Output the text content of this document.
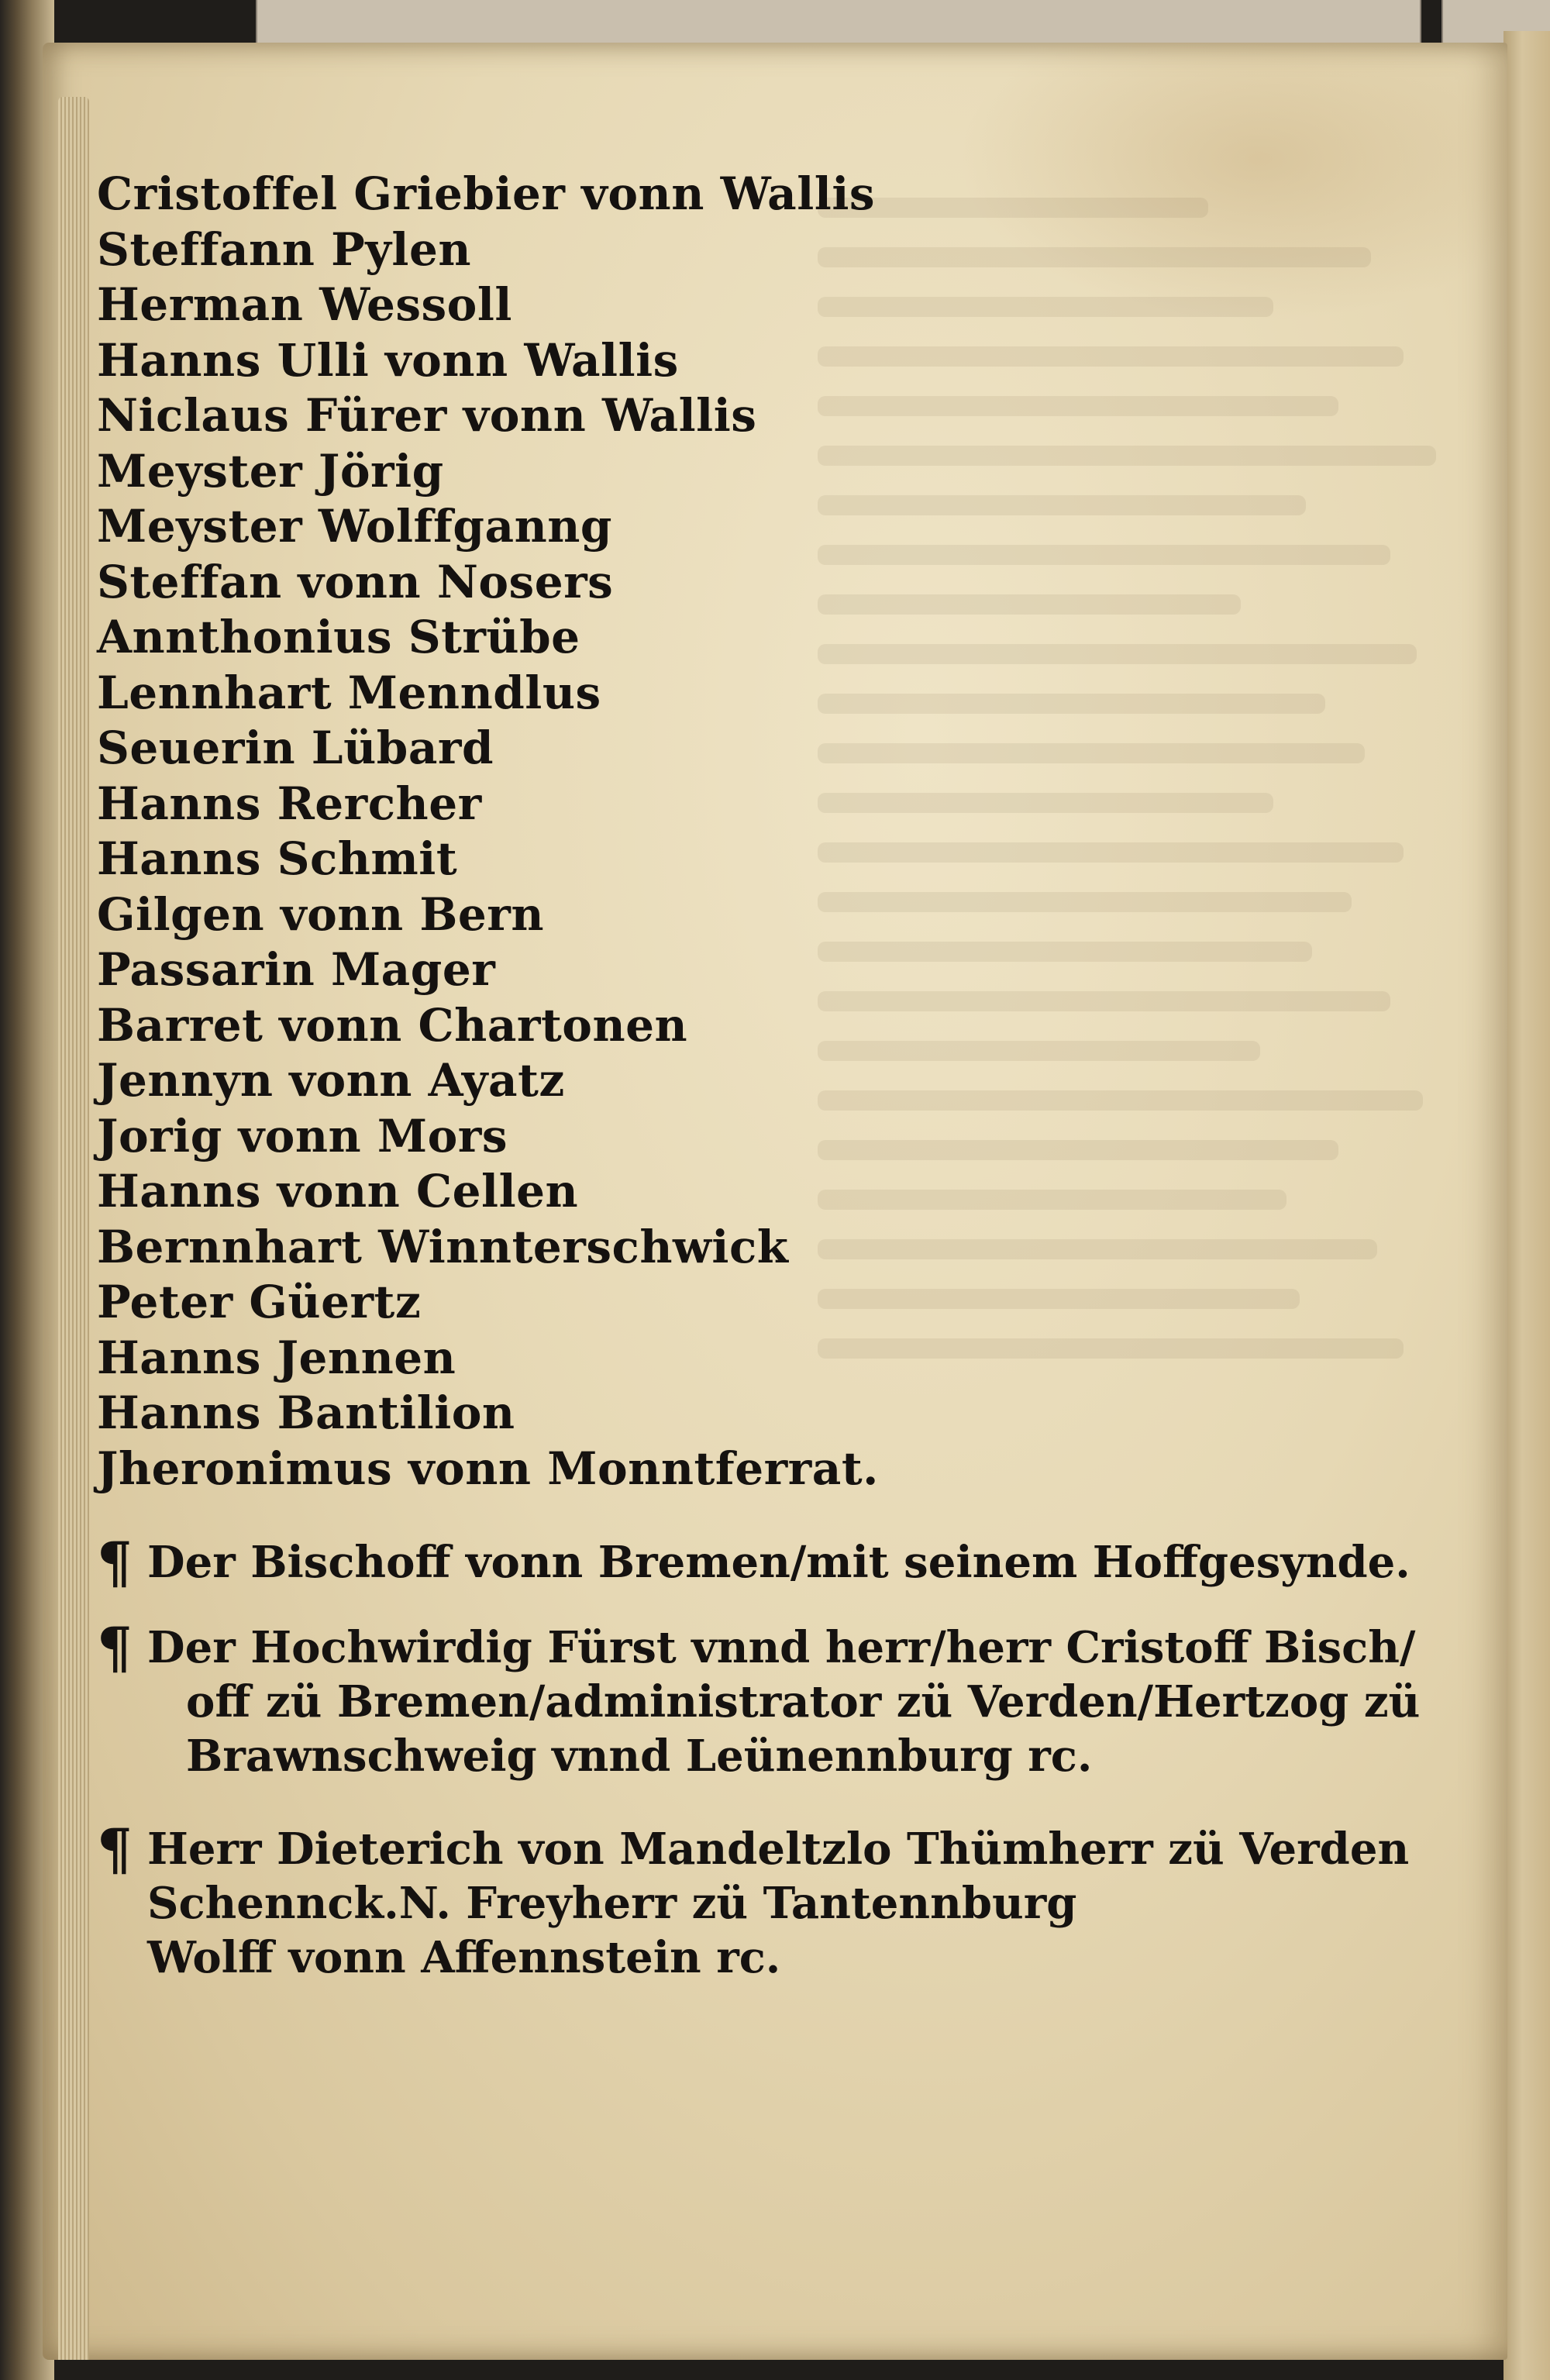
Cristoffel Griebier vonn Wallis
Steffann Pylen
Herman Wessoll
Hanns Ulli vonn Wallis
Niclaus Fürer vonn Wallis
Meyster Jörig
Meyster Wolffganng
Steffan vonn Nosers
Annthonius Strübe
Lennhart Menndlus
Seuerin Lübard
Hanns Rercher
Hanns Schmit
Gilgen vonn Bern
Passarin Mager
Barret vonn Chartonen
Jennyn vonn Ayatz
Jorig vonn Mors
Hanns vonn Cellen
Bernnhart Winnterschwick
Peter Güertz
Hanns Jennen
Hanns Bantilion
Jheronimus vonn Monntferrat.
¶ Der Bischoff vonn Bremen/mit seinem Hoffgesynde.
¶ Der Hochwirdig Fürst vnnd herr/herr Cristoff Bisch/
off zü Bremen/administrator zü Verden/Hertzog zü
Brawnschweig vnnd Leünennburg rc.
¶ Herr Dieterich von Mandeltzlo Thümherr zü Verden
Schennck.N. Freyherr zü Tantennburg
Wolff vonn Affennstein rc.
